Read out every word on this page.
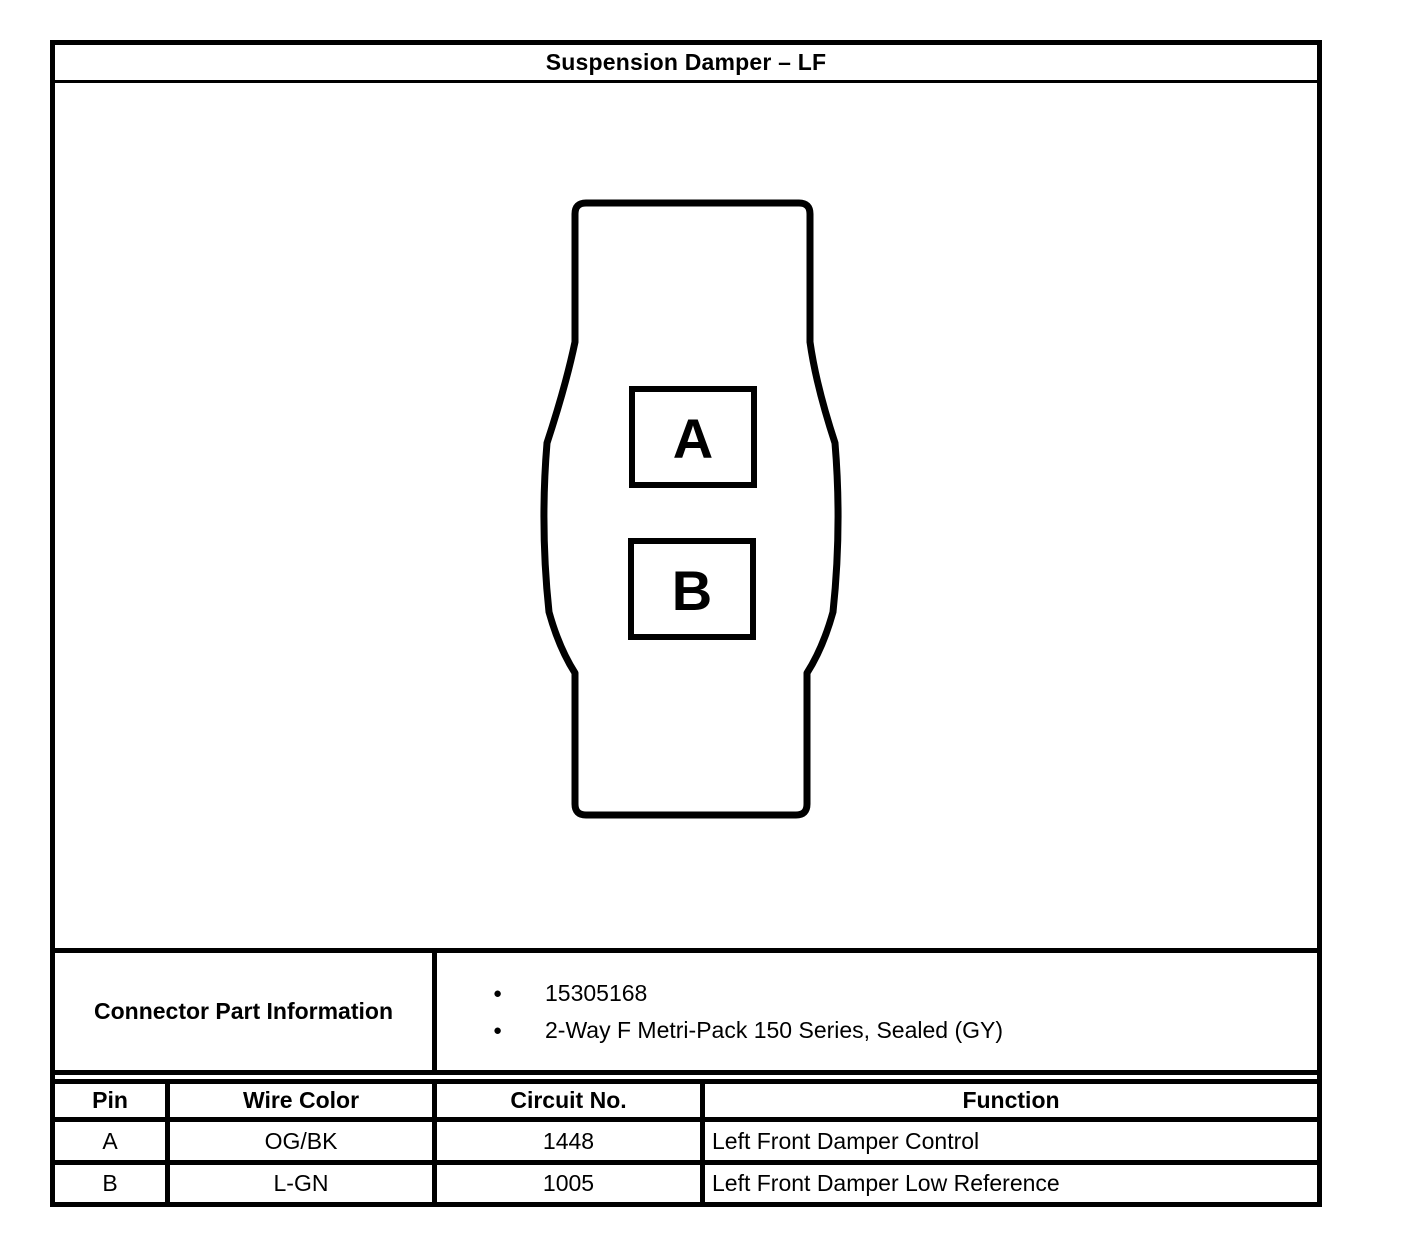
Suspension Damper – LF
A
B
Connector Part Information
●	15305168
●	2-Way F Metri-Pack 150 Series, Sealed (GY)
Pin	Wire Color	Circuit No.	Function
A	OG/BK	1448	Left Front Damper Control
B	L-GN	1005	Left Front Damper Low Reference
